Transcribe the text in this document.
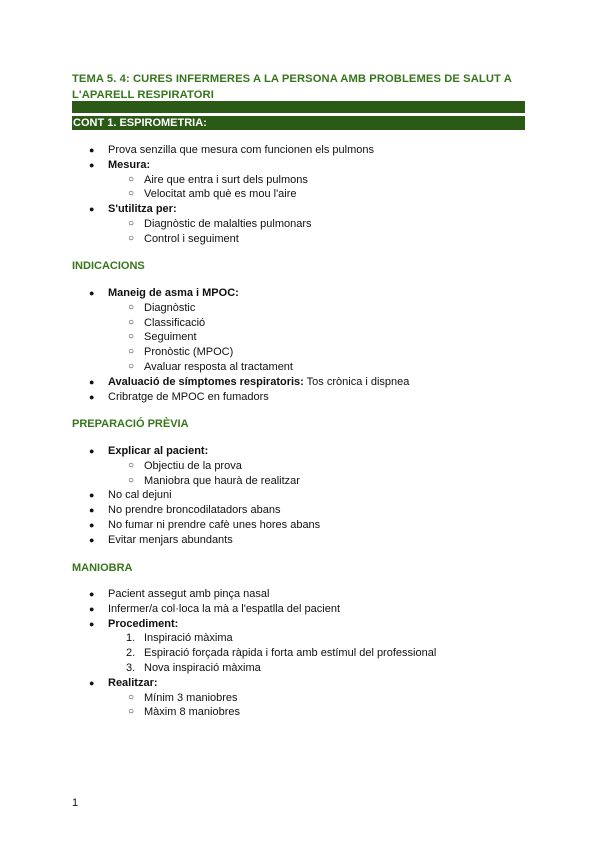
TEMA 5. 4: CURES INFERMERES A LA PERSONA AMB PROBLEMES DE SALUT A L'APARELL RESPIRATORI
CONT 1. ESPIROMETRIA:
● Prova senzilla que mesura com funcionen els pulmons
● Mesura:
○ Aire que entra i surt dels pulmons
○ Velocitat amb què es mou l'aire
● S'utilitza per:
○ Diagnòstic de malalties pulmonars
○ Control i seguiment
INDICACIONS
● Maneig de asma i MPOC:
○ Diagnòstic
○ Classificació
○ Seguiment
○ Pronòstic (MPOC)
○ Avaluar resposta al tractament
● Avaluació de símptomes respiratoris: Tos crònica i dispnea
● Cribratge de MPOC en fumadors
PREPARACIÓ PRÈVIA
● Explicar al pacient:
○ Objectiu de la prova
○ Maniobra que haurà de realitzar
● No cal dejuni
● No prendre broncodilatadors abans
● No fumar ni prendre cafè unes hores abans
● Evitar menjars abundants
MANIOBRA
● Pacient assegut amb pinça nasal
● Infermer/a col·loca la mà a l'espatlla del pacient
● Procediment:
1. Inspiració màxima
2. Espiració forçada ràpida i forta amb estímul del professional
3. Nova inspiració màxima
● Realitzar:
○ Mínim 3 maniobres
○ Màxim 8 maniobres
1
